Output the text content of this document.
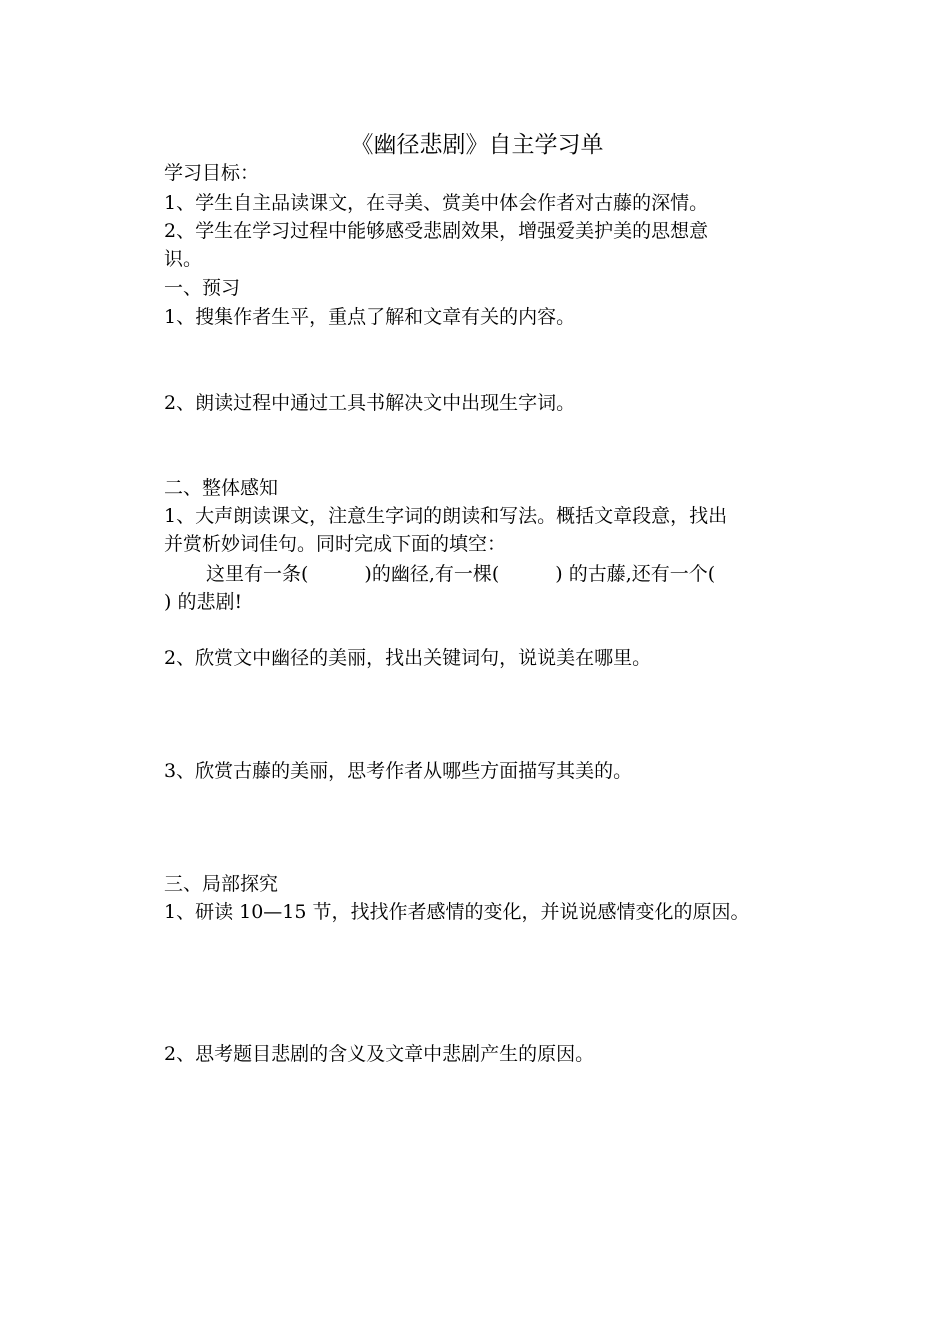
《幽径悲剧》自主学习单
学习目标：
1、学生自主品读课文，在寻美、赏美中体会作者对古藤的深情。
2、学生在学习过程中能够感受悲剧效果，增强爱美护美的思想意
识。
一、预习
1、搜集作者生平，重点了解和文章有关的内容。
2、朗读过程中通过工具书解决文中出现生字词。
二、整体感知
1、大声朗读课文，注意生字词的朗读和写法。概括文章段意，找出
并赏析妙词佳句。同时完成下面的填空：
这里有一条(	)的幽径,有一棵(	) 的古藤,还有一个(
) 的悲剧!
2、欣赏文中幽径的美丽，找出关键词句，说说美在哪里。
3、欣赏古藤的美丽，思考作者从哪些方面描写其美的。
三、局部探究
1、研读 10—15 节，找找作者感情的变化，并说说感情变化的原因。
2、思考题目悲剧的含义及文章中悲剧产生的原因。
